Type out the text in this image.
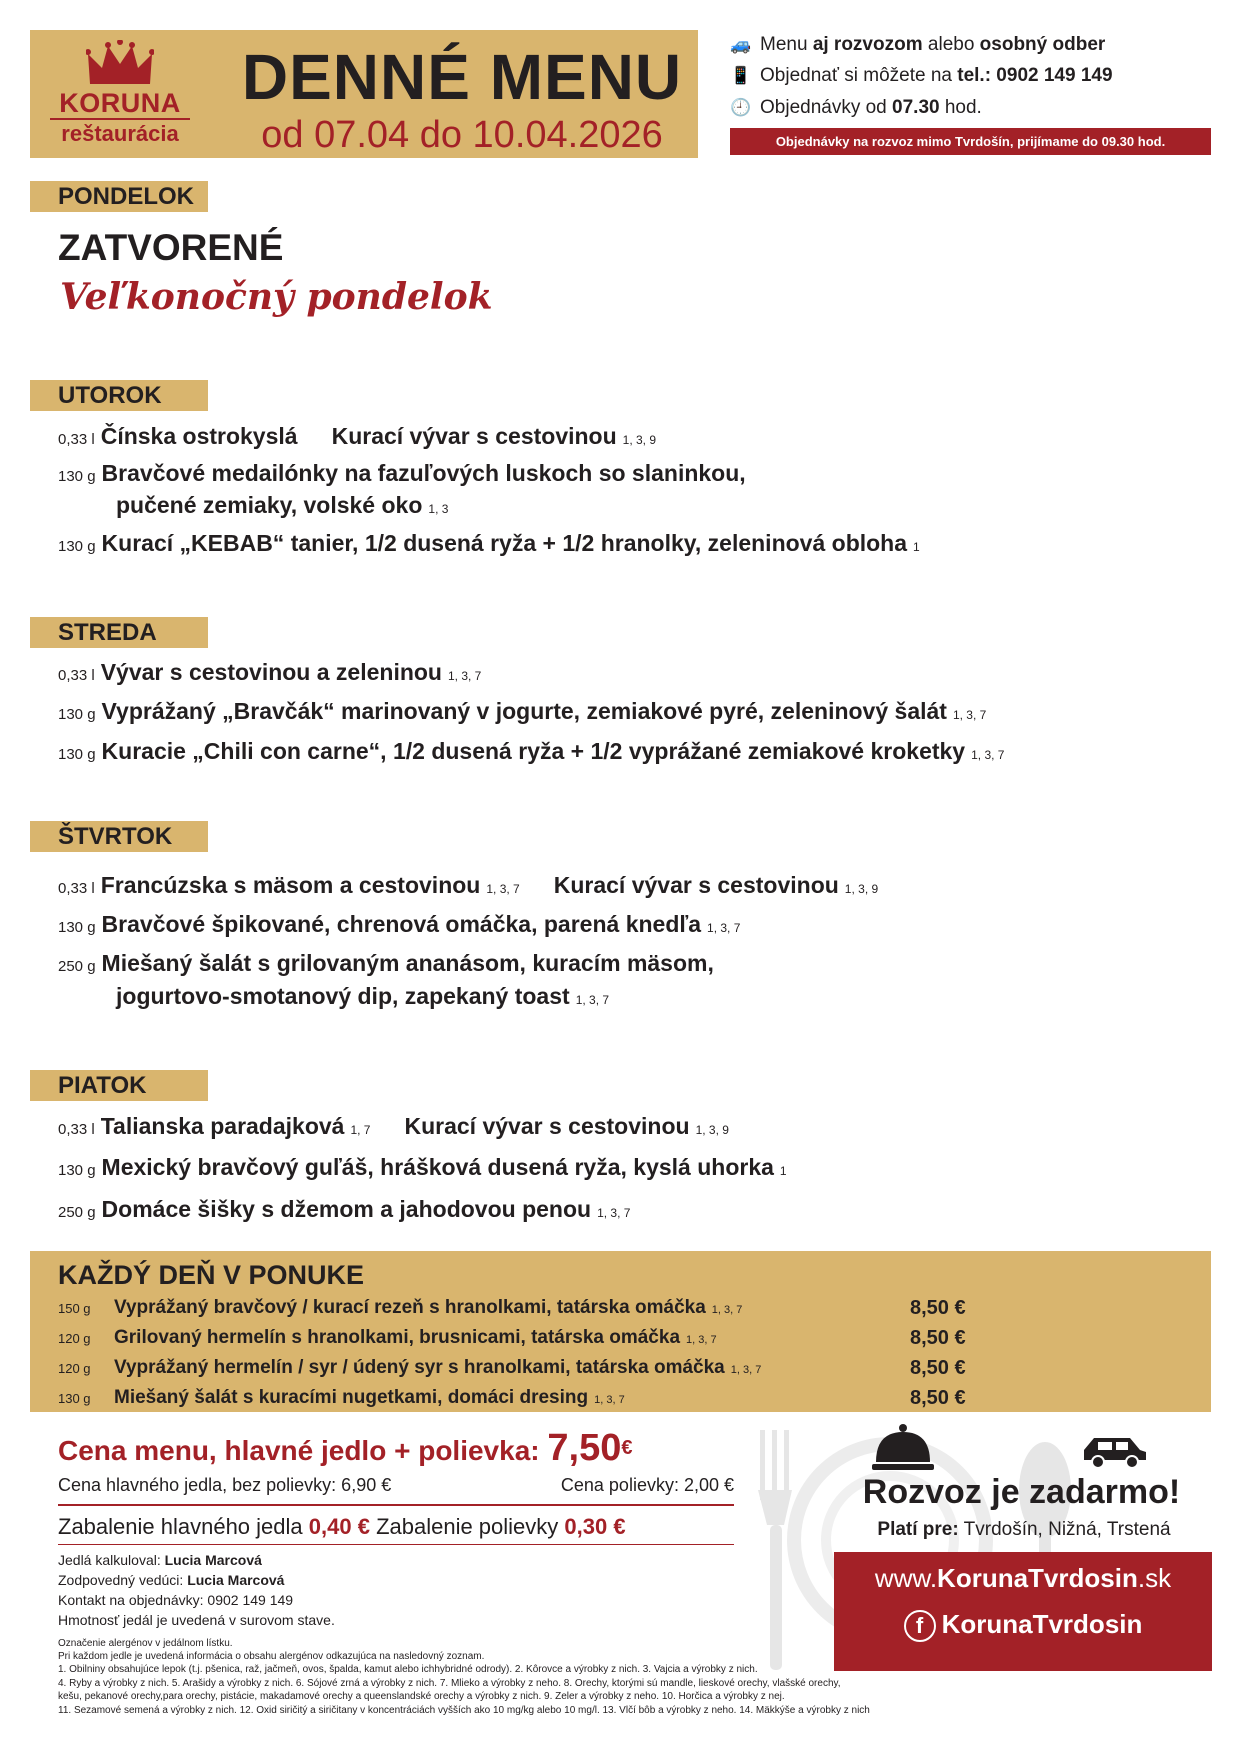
KORUNA
reštaurácia
DENNÉ MENU
od 07.04 do 10.04.2026
🚙 Menu aj rozvozom alebo osobný odber
📱 Objednať si môžete na tel.: 0902 149 149
🕘 Objednávky od 07.30 hod.
Objednávky na rozvoz mimo Tvrdošín, prijímame do 09.30 hod.
PONDELOK
ZATVORENÉ
Veľkonočný pondelok
UTOROK
0,33 l Čínska ostrokyslá Kurací vývar s cestovinou 1, 3, 9
130 g Bravčové medailónky na fazuľových luskoch so slaninkou,
pučené zemiaky, volské oko 1, 3
130 g Kurací „KEBAB“ tanier, 1/2 dusená ryža + 1/2 hranolky, zeleninová obloha 1
STREDA
0,33 l Vývar s cestovinou a zeleninou 1, 3, 7
130 g Vyprážaný „Bravčák“ marinovaný v jogurte, zemiakové pyré, zeleninový šalát 1, 3, 7
130 g Kuracie „Chili con carne“, 1/2 dusená ryža + 1/2 vyprážané zemiakové kroketky 1, 3, 7
ŠTVRTOK
0,33 l Francúzska s mäsom a cestovinou 1, 3, 7 Kurací vývar s cestovinou 1, 3, 9
130 g Bravčové špikované, chrenová omáčka, parená knedľa 1, 3, 7
250 g Miešaný šalát s grilovaným ananásom, kuracím mäsom,
jogurtovo-smotanový dip, zapekaný toast 1, 3, 7
PIATOK
0,33 l Talianska paradajková 1, 7 Kurací vývar s cestovinou 1, 3, 9
130 g Mexický bravčový guľáš, hrášková dusená ryža, kyslá uhorka 1
250 g Domáce šišky s džemom a jahodovou penou 1, 3, 7
KAŽDÝ DEŇ V PONUKE
150 g Vyprážaný bravčový / kurací rezeň s hranolkami, tatárska omáčka 1, 3, 7	8,50 €
120 g Grilovaný hermelín s hranolkami, brusnicami, tatárska omáčka 1, 3, 7	8,50 €
120 g Vyprážaný hermelín / syr / údený syr s hranolkami, tatárska omáčka 1, 3, 7	8,50 €
130 g Miešaný šalát s kuracími nugetkami, domáci dresing 1, 3, 7	8,50 €
Cena menu, hlavné jedlo + polievka: 7,50€
Cena hlavného jedla, bez polievky: 6,90 €	Cena polievky: 2,00 €
Zabalenie hlavného jedla 0,40 € Zabalenie polievky 0,30 €
Jedlá kalkuloval: Lucia Marcová
Zodpovedný vedúci: Lucia Marcová
Kontakt na objednávky: 0902 149 149
Hmotnosť jedál je uvedená v surovom stave.
Označenie alergénov v jedálnom lístku.
Pri každom jedle je uvedená informácia o obsahu alergénov odkazujúca na nasledovný zoznam.
1. Obilniny obsahujúce lepok (t.j. pšenica, raž, jačmeň, ovos, špalda, kamut alebo ichhybridné odrody). 2. Kôrovce a výrobky z nich. 3. Vajcia a výrobky z nich.
4. Ryby a výrobky z nich. 5. Arašidy a výrobky z nich. 6. Sójové zrná a výrobky z nich. 7. Mlieko a výrobky z neho. 8. Orechy, ktorými sú mandle, lieskové orechy, vlašské orechy,
kešu, pekanové orechy,para orechy, pistácie, makadamové orechy a queenslandské orechy a výrobky z nich. 9. Zeler a výrobky z neho. 10. Horčica a výrobky z nej.
11. Sezamové semená a výrobky z nich. 12. Oxid siričitý a siričitany v koncentráciách vyšších ako 10 mg/kg alebo 10 mg/l. 13. Vlčí bôb a výrobky z neho. 14. Mäkkýše a výrobky z nich
Rozvoz je zadarmo!
Platí pre: Tvrdošín, Nižná, Trstená
www.KorunaTvrdosin.sk
f KorunaTvrdosin
